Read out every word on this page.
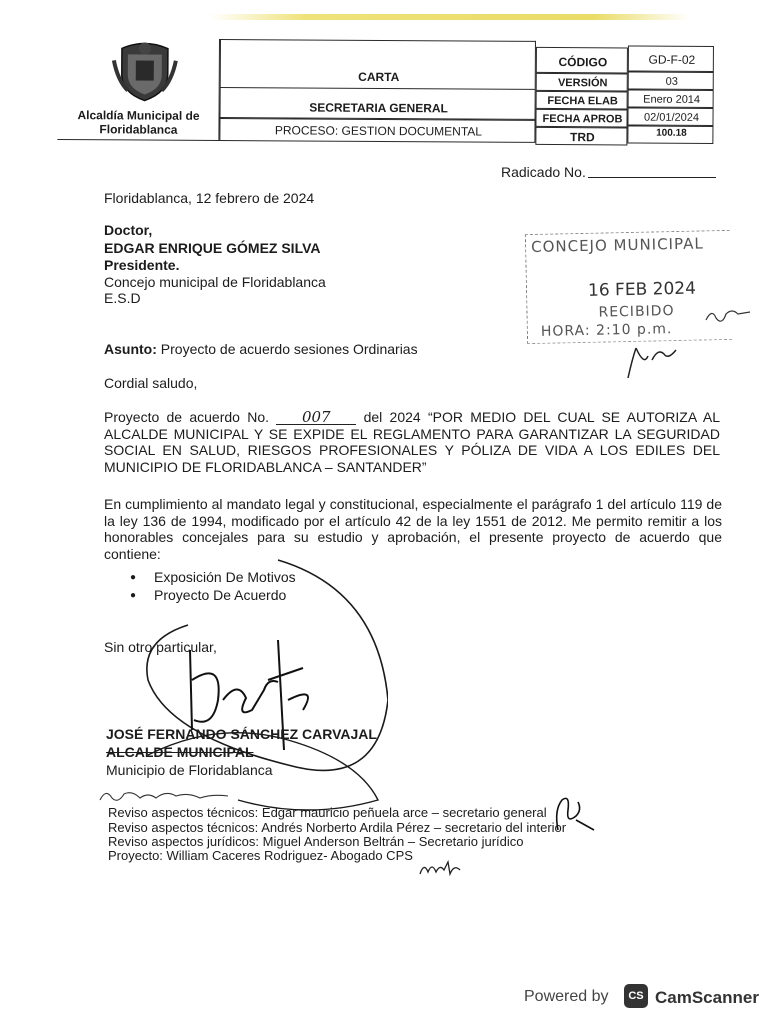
Alcaldía Municipal de Floridablanca
CARTA
SECRETARIA GENERAL
PROCESO: GESTION DOCUMENTAL
CÓDIGO	GD-F-02
VERSIÓN	03
FECHA ELAB	Enero 2014
FECHA APROB	02/01/2024
TRD	100.18
Radicado No.
Floridablanca, 12 febrero de 2024
Doctor,
EDGAR ENRIQUE GÓMEZ SILVA
Presidente.
Concejo municipal de Floridablanca
E.S.D
CONCEJO MUNICIPAL
16 FEB 2024
RECIBIDO
HORA: 2:10 p.m.
Asunto: Proyecto de acuerdo sesiones Ordinarias
Cordial saludo,
Proyecto de acuerdo No. 007 del 2024 “POR MEDIO DEL CUAL SE AUTORIZA AL ALCALDE MUNICIPAL Y SE EXPIDE EL REGLAMENTO PARA GARANTIZAR LA SEGURIDAD SOCIAL EN SALUD, RIESGOS PROFESIONALES Y PÓLIZA DE VIDA A LOS EDILES DEL MUNICIPIO DE FLORIDABLANCA – SANTANDER”
En cumplimiento al mandato legal y constitucional, especialmente el parágrafo 1 del artículo 119 de la ley 136 de 1994, modificado por el artículo 42 de la ley 1551 de 2012. Me permito remitir a los honorables concejales para su estudio y aprobación, el presente proyecto de acuerdo que contiene:
● Exposición De Motivos
● Proyecto De Acuerdo
Sin otro particular,
JOSÉ FERNANDO SÁNCHEZ CARVAJAL
ALCALDE MUNICIPAL
Municipio de Floridablanca
Reviso aspectos técnicos: Edgar mauricio peñuela arce – secretario general
Reviso aspectos técnicos: Andrés Norberto Ardila Pérez – secretario del interior
Reviso aspectos jurídicos: Miguel Anderson Beltrán – Secretario jurídico
Proyecto: William Caceres Rodriguez- Abogado CPS
Powered by	CS CamScanner
